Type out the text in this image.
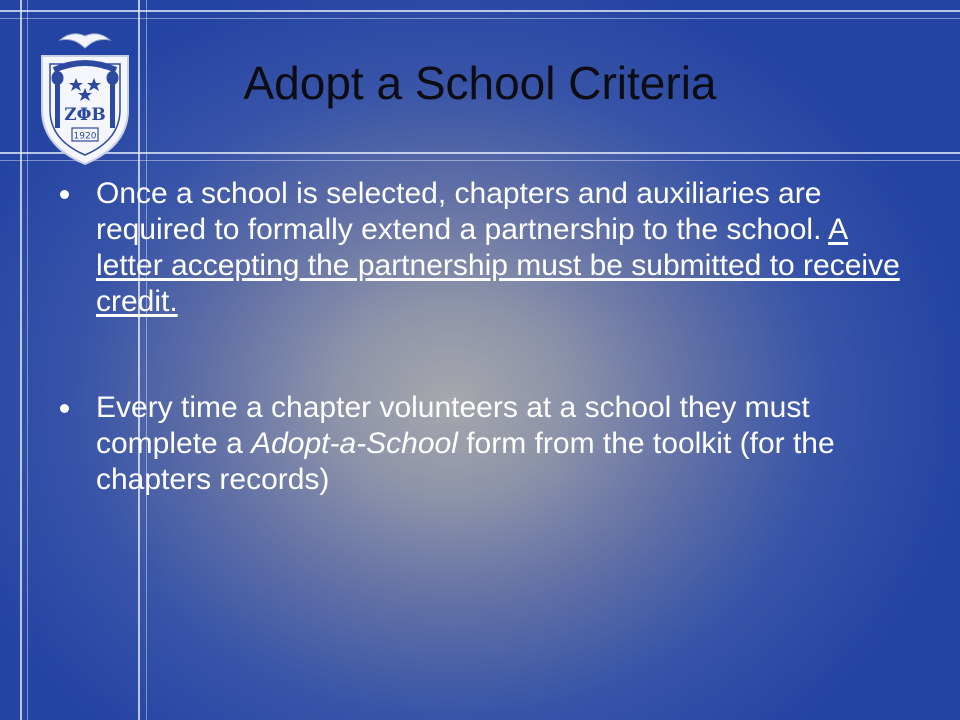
ZΦB
1920
Adopt a School Criteria
Once a school is selected, chapters and auxiliaries are required to formally extend a partnership to the school. A letter accepting the partnership must be submitted to receive credit.
Every time a chapter volunteers at a school they must complete a Adopt-a-School form from the toolkit (for the chapters records)
